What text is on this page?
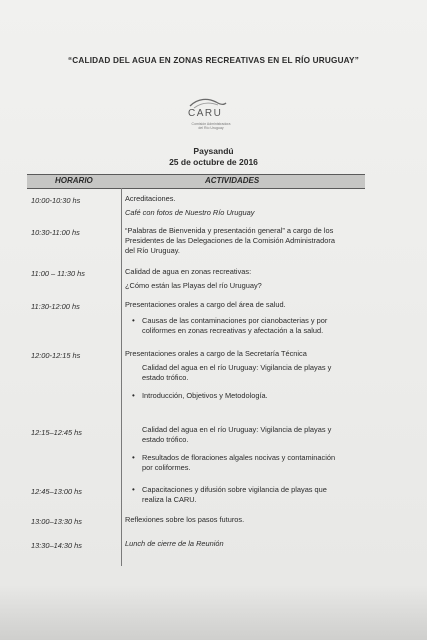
“CALIDAD DEL AGUA EN ZONAS RECREATIVAS EN EL RÍO URUGUAY”
CARU
Comisión Administradora
del Río Uruguay
Paysandú
25 de octubre de 2016
HORARIO	ACTIVIDADES
10:00-10:30 hs	Acreditaciones.
Café con fotos de Nuestro Río Uruguay
10:30-11:00 hs	“Palabras de Bienvenida y presentación general” a cargo de los
Presidentes de las Delegaciones de la Comisión Administradora
del Río Uruguay.
11:00 – 11:30 hs	Calidad de agua en zonas recreativas:
¿Cómo están las Playas del río Uruguay?
11:30-12:00 hs	Presentaciones orales a cargo del área de salud.
• Causas de las contaminaciones por cianobacterias y por
coliformes en zonas recreativas y afectación a la salud.
12:00-12:15 hs	Presentaciones orales a cargo de la Secretaría Técnica
Calidad del agua en el río Uruguay: Vigilancia de playas y
estado trófico.
• Introducción, Objetivos y Metodología.
12:15–12:45 hs	Calidad del agua en el río Uruguay: Vigilancia de playas y
estado trófico.
• Resultados de floraciones algales nocivas y contaminación
por coliformes.
12:45–13:00 hs
•	Capacitaciones y difusión sobre vigilancia de playas que
realiza la CARU.
13:00–13:30 hs	Reflexiones sobre los pasos futuros.
13:30–14:30 hs	Lunch de cierre de la Reunión
